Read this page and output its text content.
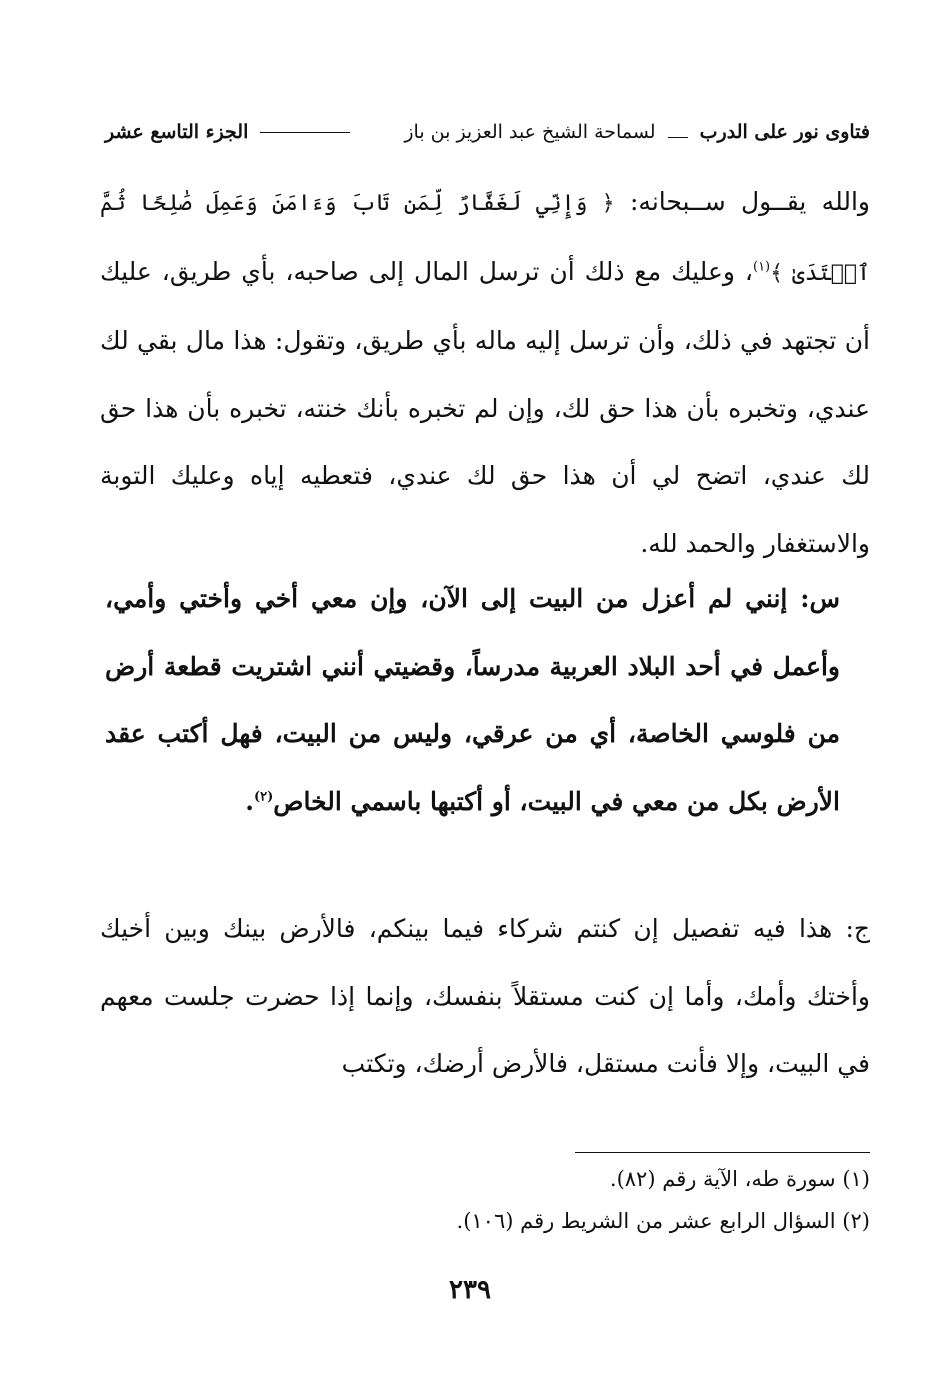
فتاوى نور على الدرب  لسماحة الشيخ عبد العزيز بن باز
الجزء التاسع عشر
والله يقــول ســبحانه: ﴿ وَإِنِّي لَغَفَّارٌ لِّمَن تَابَ وَءَامَنَ وَعَمِلَ صَٰلِحًا ثُمَّ ٱهۡتَدَىٰ ﴾$^{(١)}$، وعليك مع ذلك أن ترسل المال إلى صاحبه، بأي طريق، عليك أن تجتهد في ذلك، وأن ترسل إليه ماله بأي طريق، وتقول: هذا مال بقي لك عندي، وتخبره بأن هذا حق لك، وإن لم تخبره بأنك خنته، تخبره بأن هذا حق لك عندي، اتضح لي أن هذا حق لك عندي، فتعطيه إياه وعليك التوبة والاستغفار والحمد لله.
س: إنني لم أعزل من البيت إلى الآن، وإن معي أخي وأختي وأمي، وأعمل في أحد البلاد العربية مدرساً، وقضيتي أنني اشتريت قطعة أرض من فلوسي الخاصة، أي من عرقي، وليس من البيت، فهل أكتب عقد الأرض بكل من معي في البيت، أو أكتبها باسمي الخاص$^{(٢)}$.
ج: هذا فيه تفصيل إن كنتم شركاء فيما بينكم، فالأرض بينك وبين أخيك وأختك وأمك، وأما إن كنت مستقلاً بنفسك، وإنما إذا حضرت جلست معهم في البيت، وإلا فأنت مستقل، فالأرض أرضك، وتكتب
(١) سورة طه، الآية رقم (٨٢).
(٢) السؤال الرابع عشر من الشريط رقم (١٠٦).
٢٣٩
